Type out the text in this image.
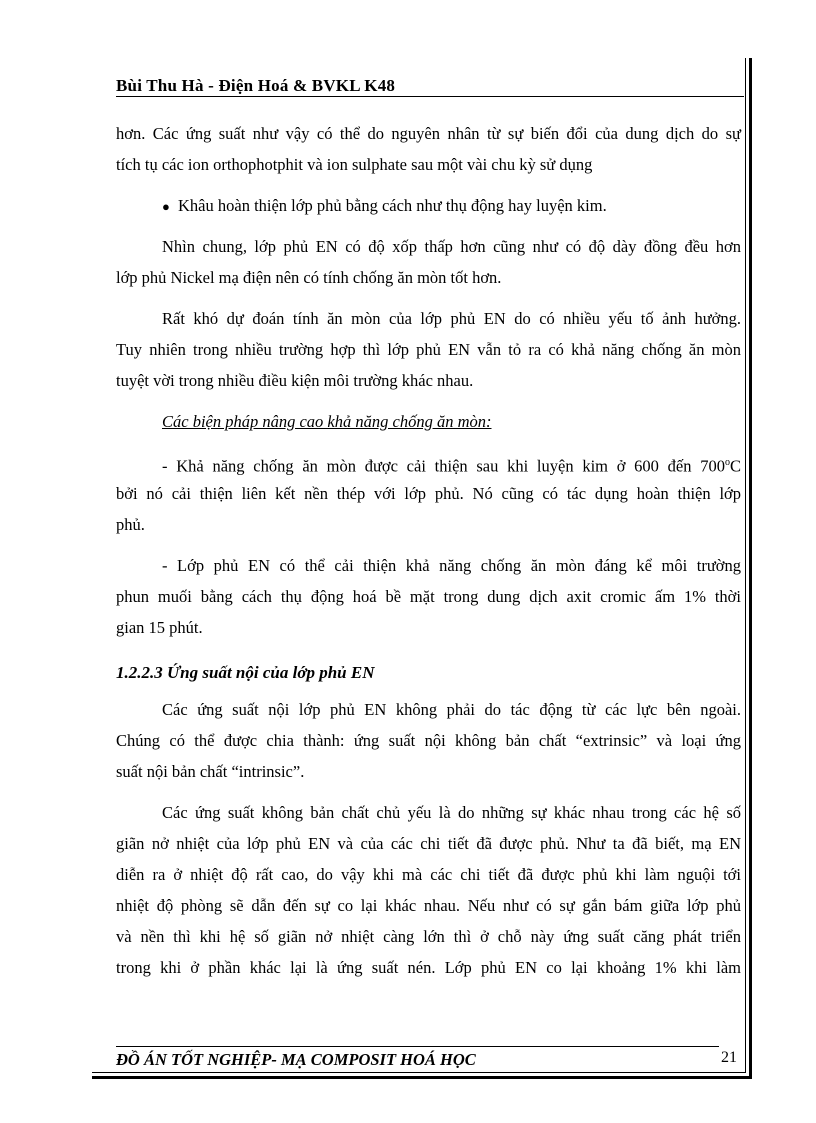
Bùi Thu Hà - Điện Hoá & BVKL K48
hơn. Các ứng suất như vậy có thể do nguyên nhân từ sự biến đổi của dung dịch do sự
tích tụ các ion orthophotphit và ion sulphate sau một vài chu kỳ sử dụng
● Khâu hoàn thiện lớp phủ bằng cách như thụ động hay luyện kim.
Nhìn chung, lớp phủ EN có độ xốp thấp hơn cũng như có độ dày đồng đều hơn
lớp phủ Nickel mạ điện nên có tính chống ăn mòn tốt hơn.
Rất khó dự đoán tính ăn mòn của lớp phủ EN do có nhiều yếu tố ảnh hưởng.
Tuy nhiên trong nhiều trường hợp thì lớp phủ EN vẫn tỏ ra có khả năng chống ăn mòn
tuyệt vời trong nhiều điều kiện môi trường khác nhau.
Các biện pháp nâng cao khả năng chống ăn mòn:
- Khả năng chống ăn mòn được cải thiện sau khi luyện kim ở 600 đến 700$^o$C
bởi nó cải thiện liên kết nền thép với lớp phủ. Nó cũng có tác dụng hoàn thiện lớp
phủ.
- Lớp phủ EN có thể cải thiện khả năng chống ăn mòn đáng kể môi trường
phun muối bằng cách thụ động hoá bề mặt trong dung dịch axit cromic ấm 1% thời
gian 15 phút.
1.2.2.3 Ứng suất nội của lớp phủ EN
Các ứng suất nội lớp phủ EN không phải do tác động từ các lực bên ngoài.
Chúng có thể được chia thành: ứng suất nội không bản chất “extrinsic” và loại ứng
suất nội bản chất “intrinsic”.
Các ứng suất không bản chất chủ yếu là do những sự khác nhau trong các hệ số
giãn nở nhiệt của lớp phủ EN và của các chi tiết đã được phủ. Như ta đã biết, mạ EN
diễn ra ở nhiệt độ rất cao, do vậy khi mà các chi tiết đã được phủ khi làm nguội tới
nhiệt độ phòng sẽ dẫn đến sự co lại khác nhau. Nếu như có sự gắn bám giữa lớp phủ
và nền thì khi hệ số giãn nở nhiệt càng lớn thì ở chỗ này ứng suất căng phát triển
trong khi ở phần khác lại là ứng suất nén. Lớp phủ EN co lại khoảng 1% khi làm
ĐỒ ÁN TỐT NGHIỆP- MẠ COMPOSIT HOÁ HỌC	21
